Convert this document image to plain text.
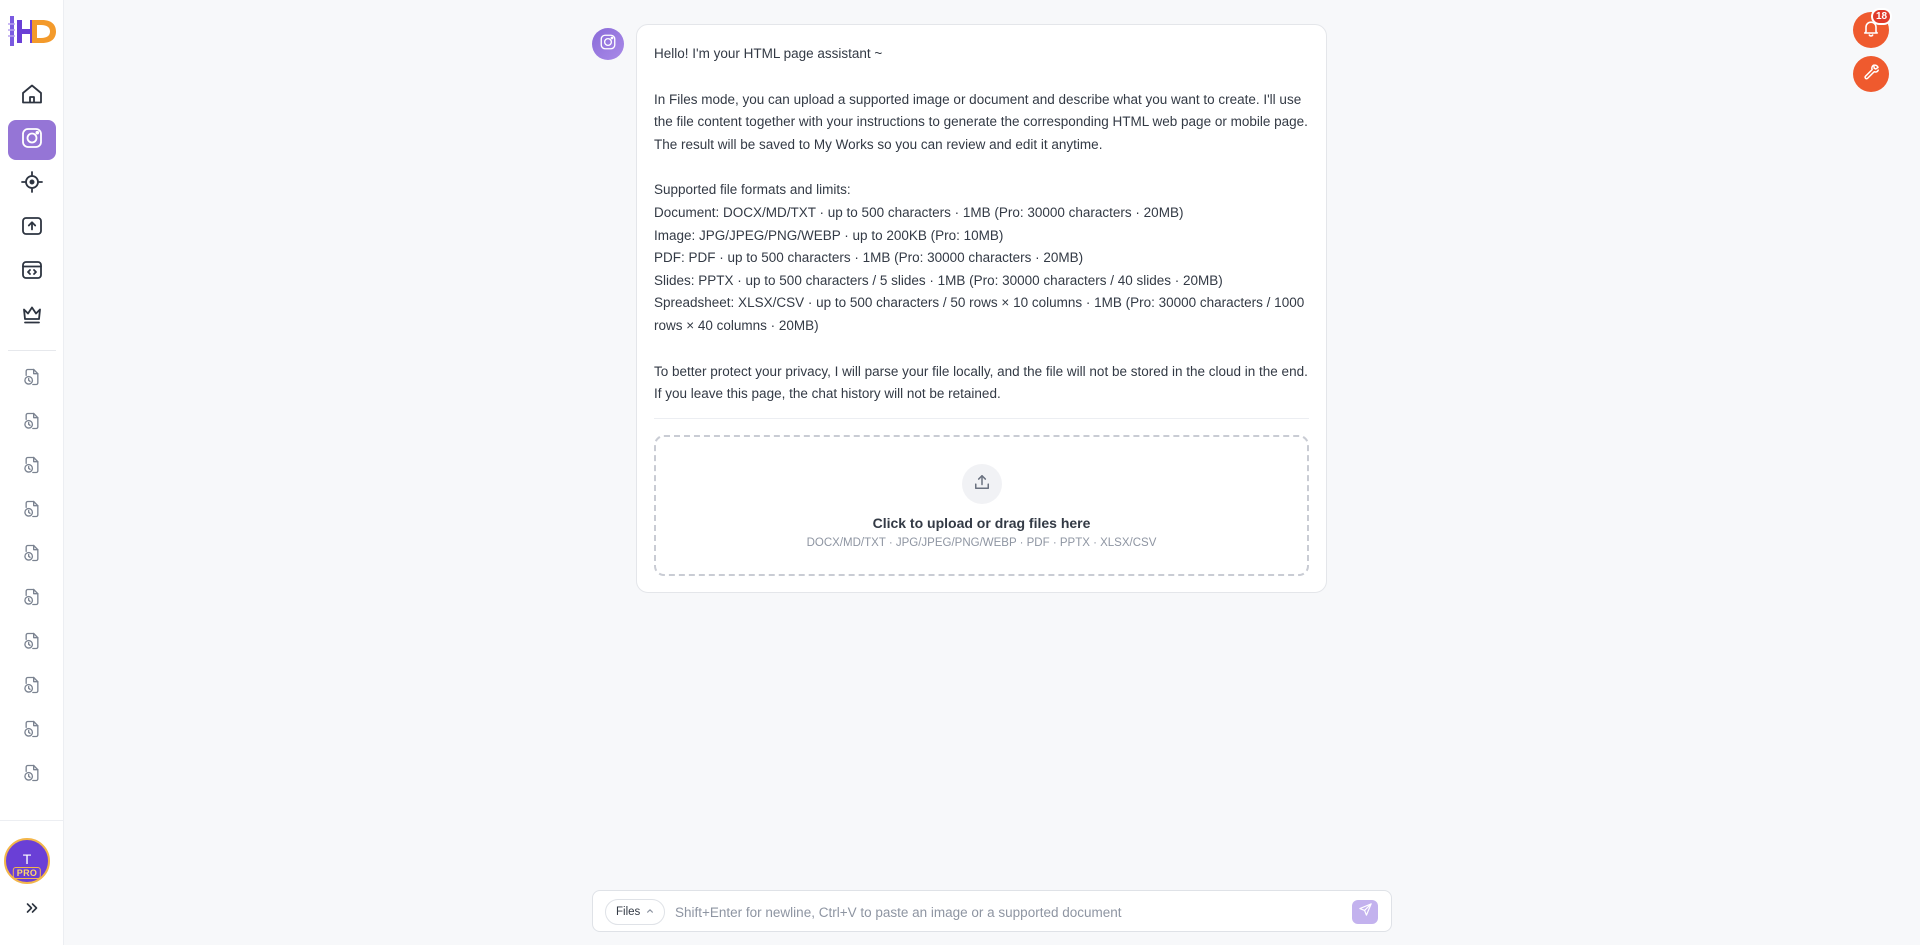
T
PRO
18

Hello! I'm your HTML page assistant ~

In Files mode, you can upload a supported image or document and describe what you want to create. I'll use the file content together with your instructions to generate the corresponding HTML web page or mobile page. The result will be saved to My Works so you can review and edit it anytime.

Supported file formats and limits:

Document: DOCX/MD/TXT · up to 500 characters · 1MB (Pro: 30000 characters · 20MB)

Image: JPG/JPEG/PNG/WEBP · up to 200KB (Pro: 10MB)

PDF: PDF · up to 500 characters · 1MB (Pro: 30000 characters · 20MB)

Slides: PPTX · up to 500 characters / 5 slides · 1MB (Pro: 30000 characters / 40 slides · 20MB)

Spreadsheet: XLSX/CSV · up to 500 characters / 50 rows × 10 columns · 1MB (Pro: 30000 characters / 1000 rows × 40 columns · 20MB)

To better protect your privacy, I will parse your file locally, and the file will not be stored in the cloud in the end. If you leave this page, the chat history will not be retained.

Click to upload or drag files here
DOCX/MD/TXT · JPG/JPEG/PNG/WEBP · PDF · PPTX · XLSX/CSV
Files
Shift+Enter for newline, Ctrl+V to paste an image or a supported document
